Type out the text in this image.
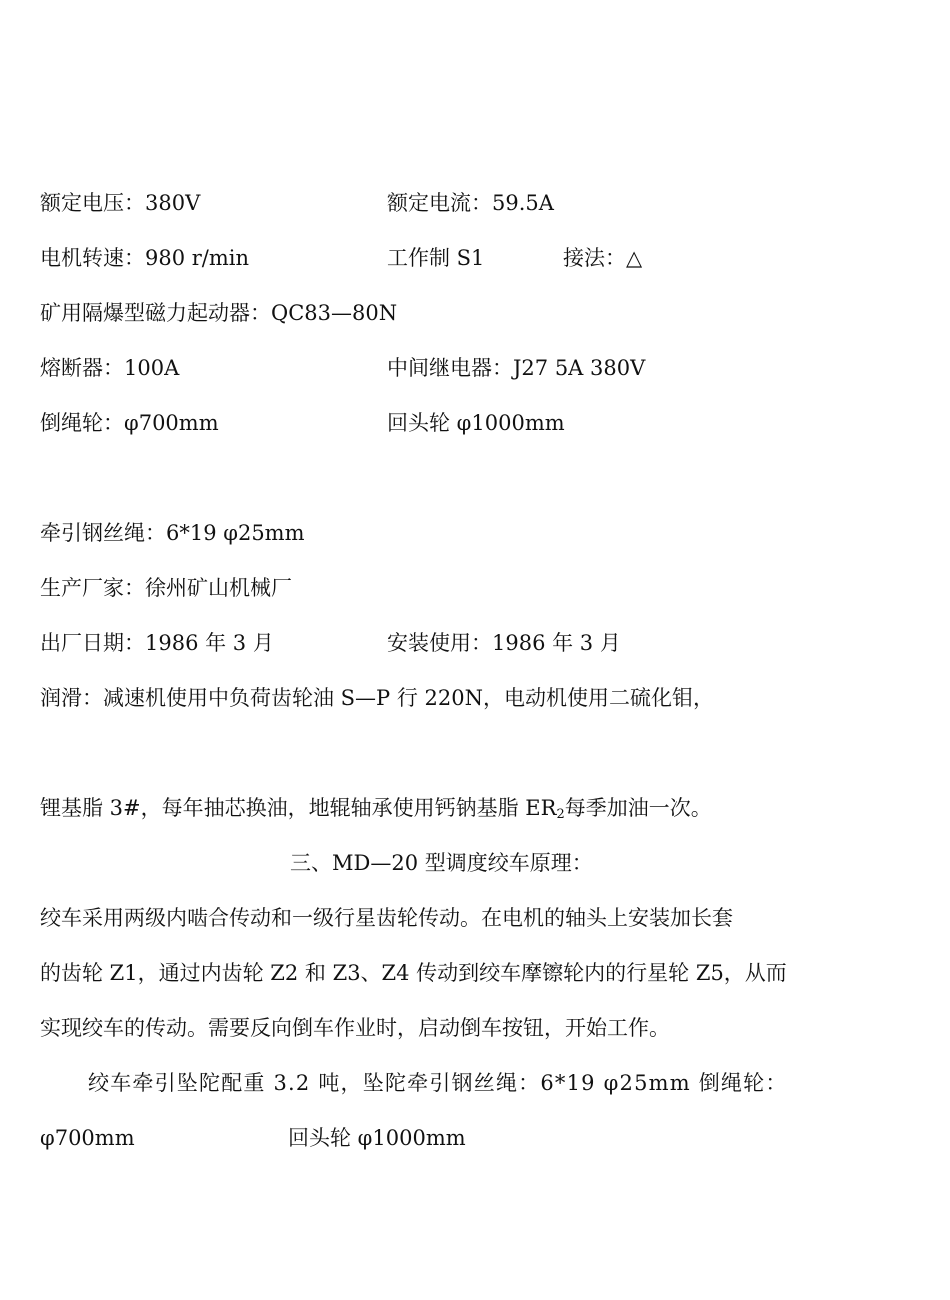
额定电压：380V	额定电流：59.5A
电机转速：980 r/min	工作制 S1	接法：△
矿用隔爆型磁力起动器：QC83—80N
熔断器：100A	中间继电器：J27 5A 380V
倒绳轮：φ700mm	回头轮 φ1000mm
牵引钢丝绳：6*19 φ25mm
生产厂家：徐州矿山机械厂
出厂日期：1986 年 3 月	安装使用：1986 年 3 月
润滑：减速机使用中负荷齿轮油 S—P 行 220N，电动机使用二硫化钼，
锂基脂 3#，每年抽芯换油，地辊轴承使用钙钠基脂 $ER_2$每季加油一次。
三、MD—20 型调度绞车原理：
绞车采用两级内啮合传动和一级行星齿轮传动。在电机的轴头上安装加长套
的齿轮 Z1，通过内齿轮 Z2 和 Z3、Z4 传动到绞车摩镲轮内的行星轮 Z5，从而
实现绞车的传动。需要反向倒车作业时，启动倒车按钮，开始工作。
绞车牵引坠陀配重 3.2 吨，坠陀牵引钢丝绳：6*19 φ25mm 倒绳轮：
φ700mm	回头轮 φ1000mm
